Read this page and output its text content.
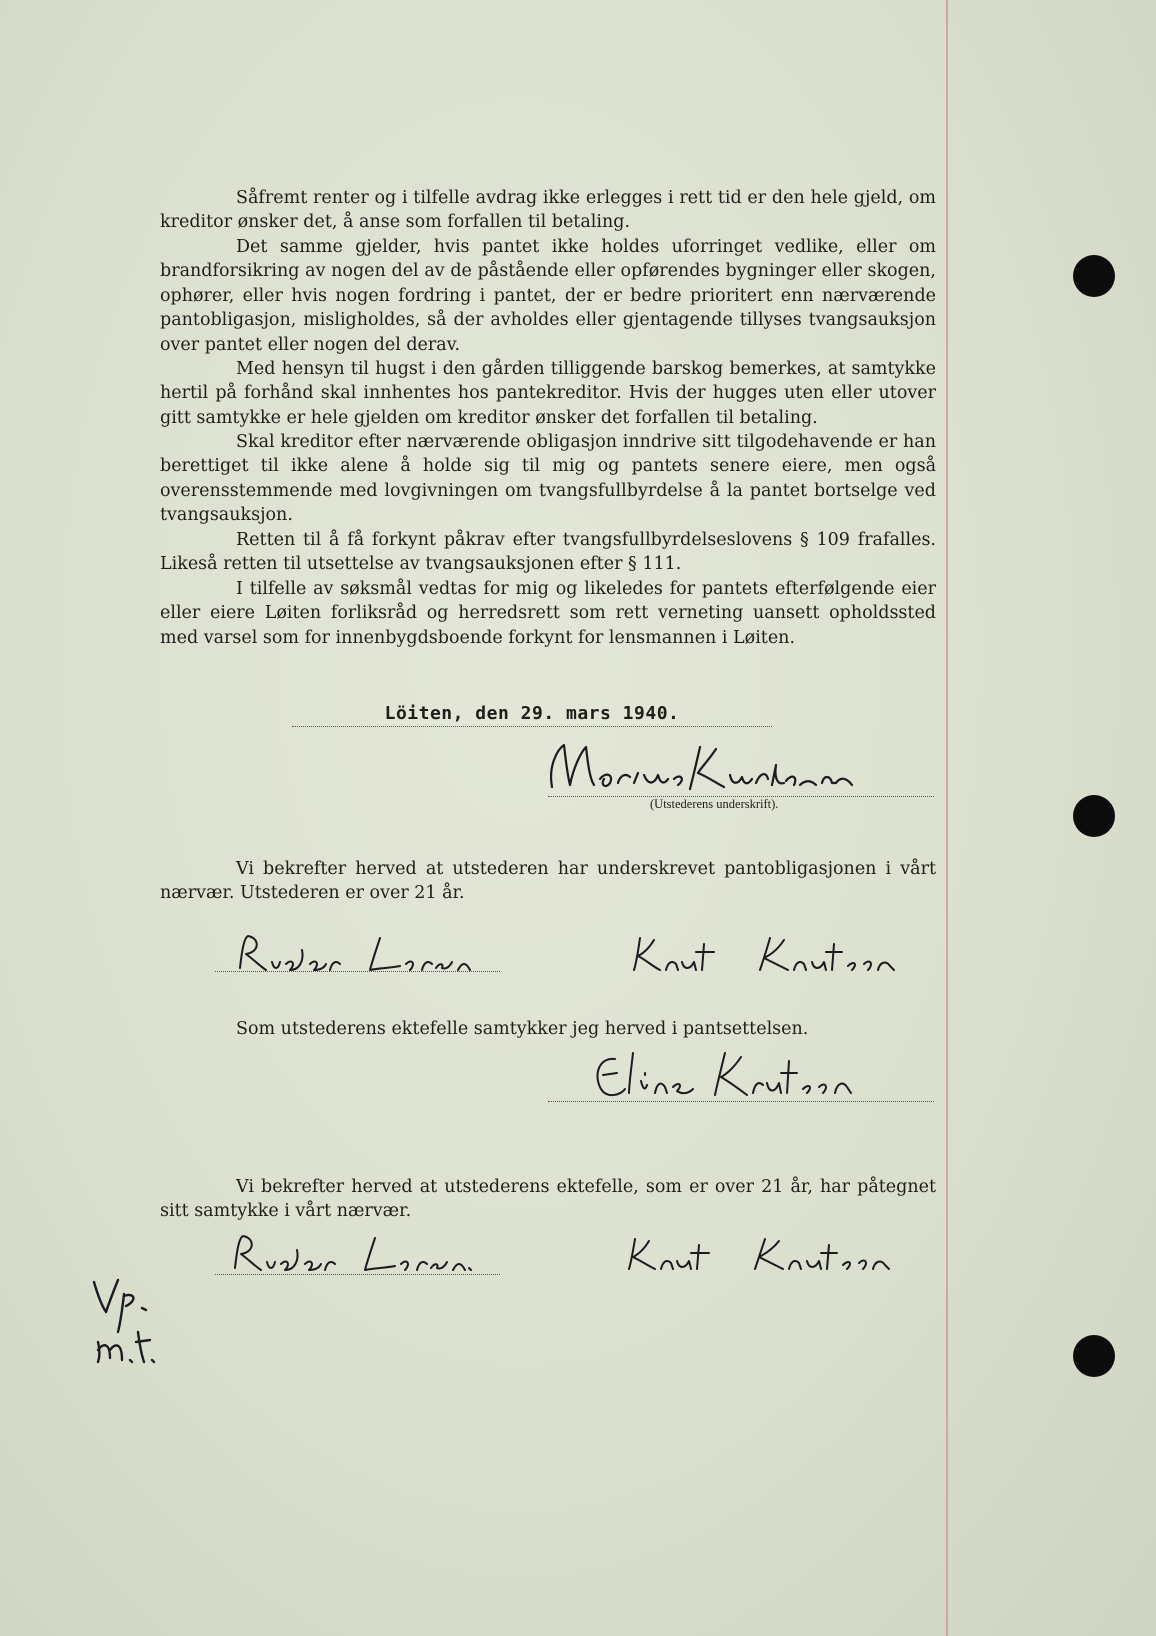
Såfremt renter og i tilfelle avdrag ikke erlegges i rett tid er den hele gjeld, om kreditor ønsker det, å anse som forfallen til betaling.

Det samme gjelder, hvis pantet ikke holdes uforringet vedlike, eller om brandforsikring av nogen del av de påstående eller opførendes bygninger eller skogen, ophører, eller hvis nogen fordring i pantet, der er bedre prioritert enn nærværende pantobligasjon, misligholdes, så der avholdes eller gjentagende tillyses tvangsauksjon over pantet eller nogen del derav.

Med hensyn til hugst i den gården tilliggende barskog bemerkes, at samtykke hertil på forhånd skal innhentes hos pantekreditor. Hvis der hugges uten eller utover gitt samtykke er hele gjelden om kreditor ønsker det forfallen til betaling.

Skal kreditor efter nærværende obligasjon inndrive sitt tilgodehavende er han berettiget til ikke alene å holde sig til mig og pantets senere eiere, men også overensstemmende med lovgivningen om tvangsfullbyrdelse å la pantet bortselge ved tvangsauksjon.

Retten til å få forkynt påkrav efter tvangsfullbyrdelseslovens § 109 frafalles. Likeså retten til utsettelse av tvangsauksjonen efter § 111.

I tilfelle av søksmål vedtas for mig og likeledes for pantets efterfølgende eier eller eiere Løiten forliksråd og herredsrett som rett verneting uansett opholdssted med varsel som for innenbygdsboende forkynt for lensmannen i Løiten.

Löiten, den 29. mars 1940.
(Utstederens underskrift).

Vi bekrefter herved at utstederen har underskrevet pantobligasjonen i vårt nærvær. Utstederen er over 21 år.

Som utstederens ektefelle samtykker jeg herved i pantsettelsen.

Vi bekrefter herved at utstederens ektefelle, som er over 21 år, har påtegnet sitt samtykke i vårt nærvær.
